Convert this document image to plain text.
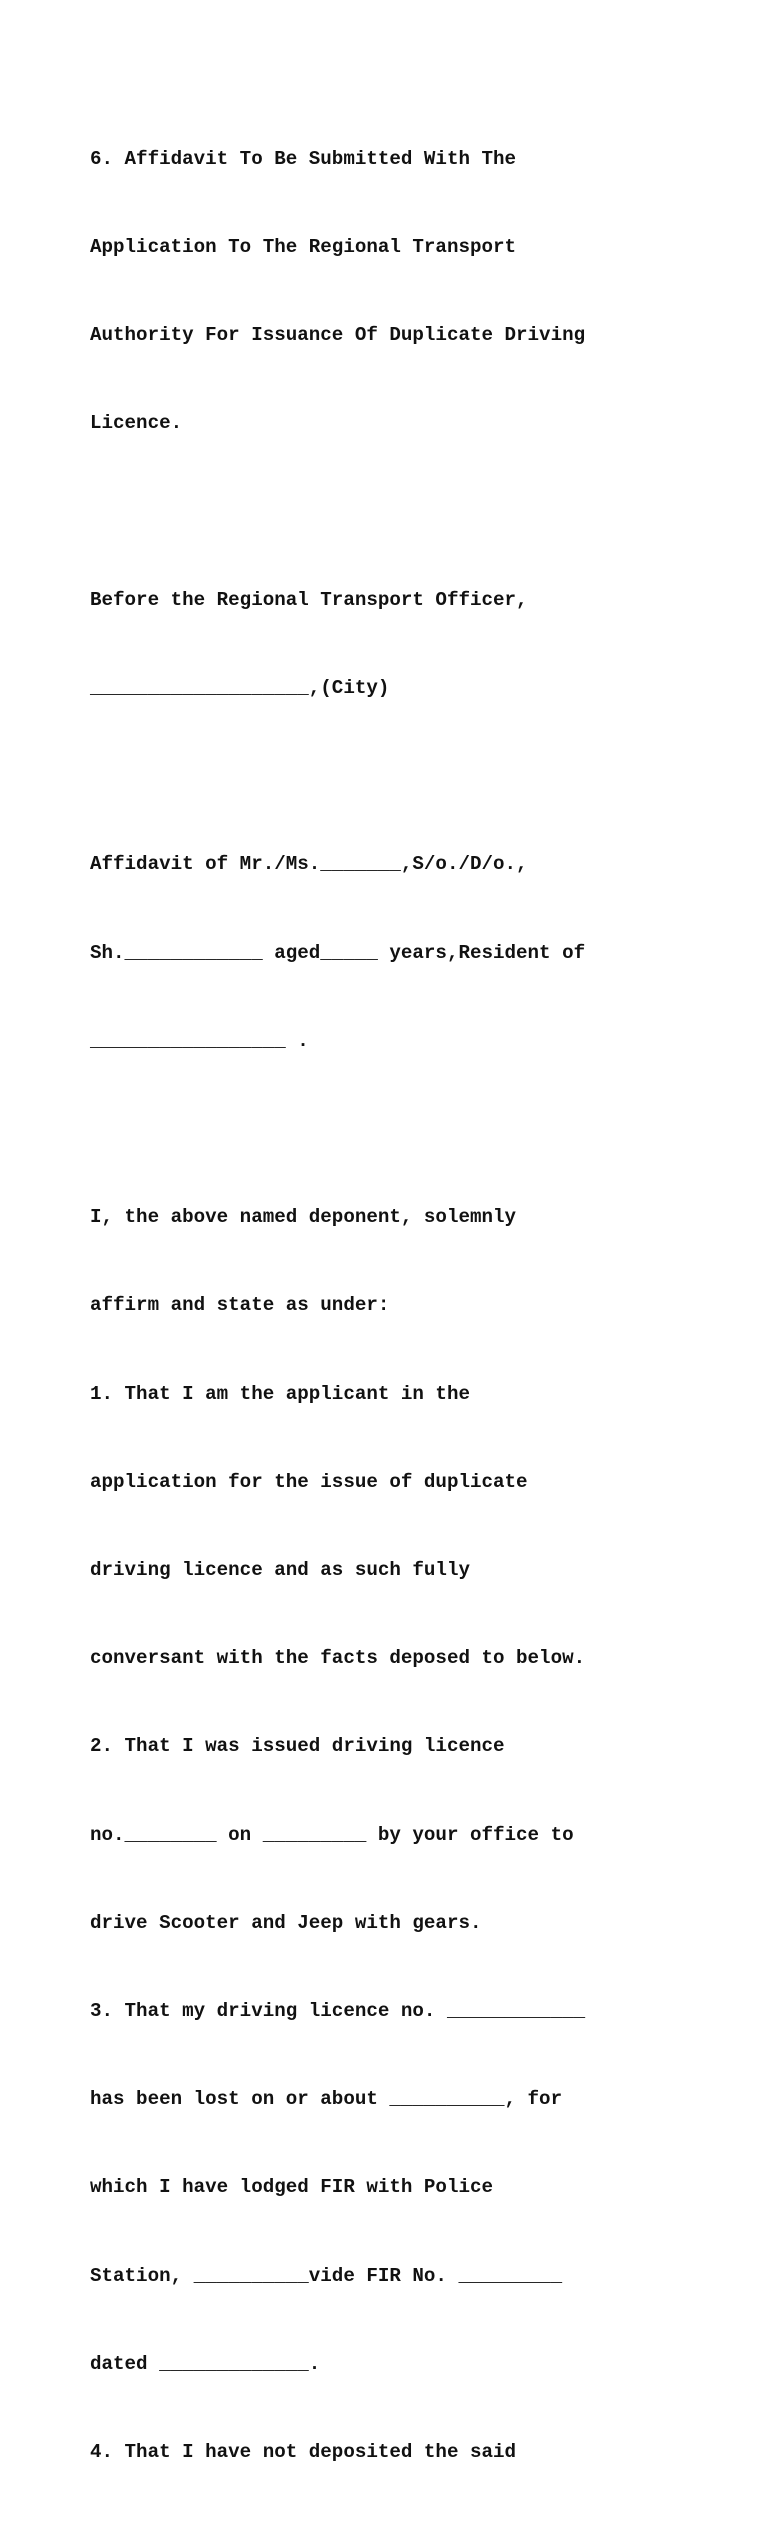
6. Affidavit To Be Submitted With The

Application To The Regional Transport

Authority For Issuance Of Duplicate Driving

Licence.

Before the Regional Transport Officer,

___________________,(City)

Affidavit of Mr./Ms._______,S/o./D/o.,

Sh.____________ aged_____ years,Resident of

_________________ .

I, the above named deponent, solemnly

affirm and state as under:

1. That I am the applicant in the

application for the issue of duplicate

driving licence and as such fully

conversant with the facts deposed to below.

2. That I was issued driving licence

no.________ on _________ by your office to

drive Scooter and Jeep with gears.

3. That my driving licence no. ____________

has been lost on or about __________, for

which I have lodged FIR with Police

Station, __________vide FIR No. _________

dated _____________.

4. That I have not deposited the said
